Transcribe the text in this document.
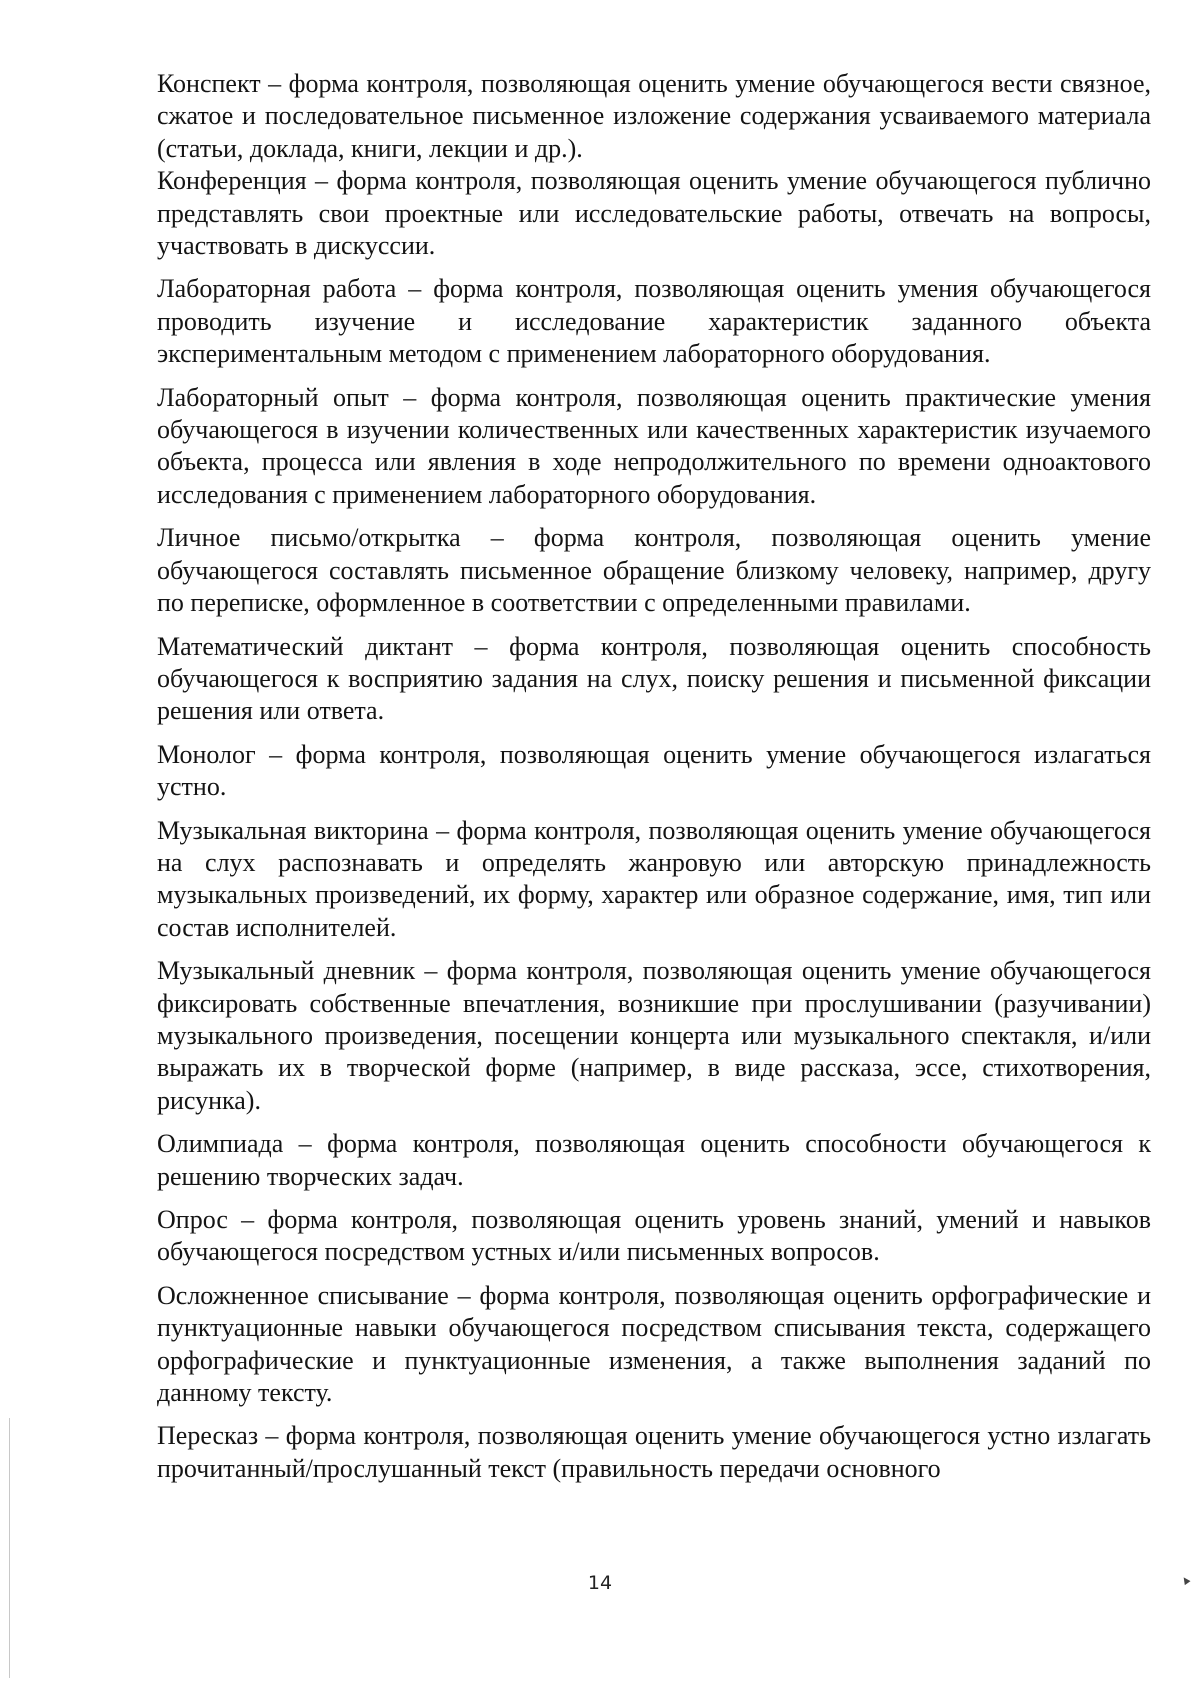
Конспект – форма контроля, позволяющая оценить умение обучающегося вести связное, сжатое и последовательное письменное изложение содержания усваиваемого материала (статьи, доклада, книги, лекции и др.).

Конференция – форма контроля, позволяющая оценить умение обучающегося публично представлять свои проектные или исследовательские работы, отвечать на вопросы, участвовать в дискуссии.

Лабораторная работа – форма контроля, позволяющая оценить умения обучающегося проводить изучение и исследование характеристик заданного объекта экспериментальным методом с применением лабораторного оборудования.

Лабораторный опыт – форма контроля, позволяющая оценить практические умения обучающегося в изучении количественных или качественных характеристик изучаемого объекта, процесса или явления в ходе непродолжительного по времени одноактового исследования с применением лабораторного оборудования.

Личное письмо/открытка – форма контроля, позволяющая оценить умение обучающегося составлять письменное обращение близкому человеку, например, другу по переписке, оформленное в соответствии с определенными правилами.

Математический диктант – форма контроля, позволяющая оценить способность обучающегося к восприятию задания на слух, поиску решения и письменной фиксации решения или ответа.

Монолог – форма контроля, позволяющая оценить умение обучающегося излагаться устно.

Музыкальная викторина – форма контроля, позволяющая оценить умение обучающегося на слух распознавать и определять жанровую или авторскую принадлежность музыкальных произведений, их форму, характер или образное содержание, имя, тип или состав исполнителей.

Музыкальный дневник – форма контроля, позволяющая оценить умение обучающегося фиксировать собственные впечатления, возникшие при прослушивании (разучивании) музыкального произведения, посещении концерта или музыкального спектакля, и/или выражать их в творческой форме (например, в виде рассказа, эссе, стихотворения, рисунка).

Олимпиада – форма контроля, позволяющая оценить способности обучающегося к решению творческих задач.

Опрос – форма контроля, позволяющая оценить уровень знаний, умений и навыков обучающегося посредством устных и/или письменных вопросов.

Осложненное списывание – форма контроля, позволяющая оценить орфографические и пунктуационные навыки обучающегося посредством списывания текста, содержащего орфографические и пунктуационные изменения, а также выполнения заданий по данному тексту.

Пересказ – форма контроля, позволяющая оценить умение обучающегося устно излагать прочитанный/прослушанный текст (правильность передачи основного

14	▴
